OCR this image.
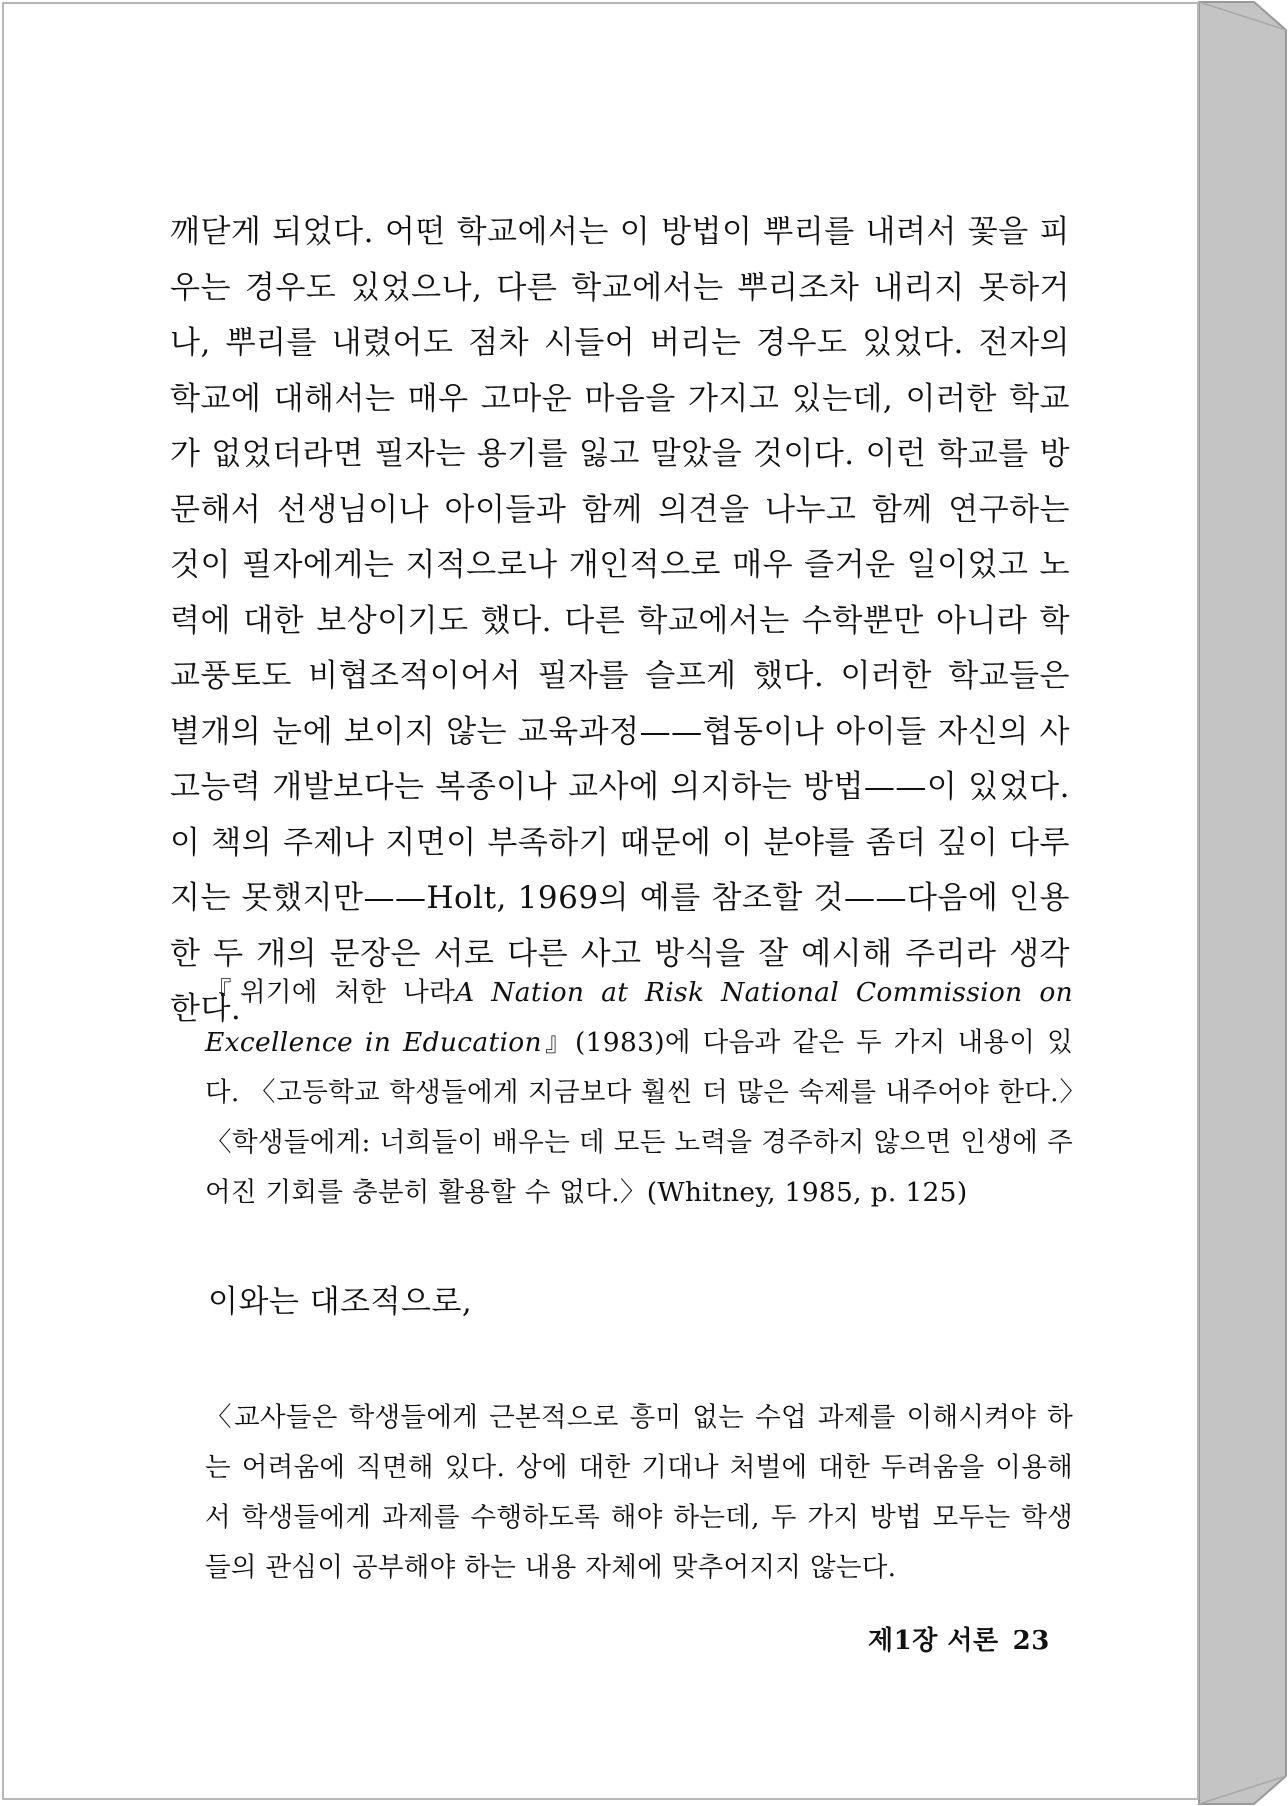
깨닫게 되었다. 어떤 학교에서는 이 방법이 뿌리를 내려서 꽃을 피우는 경우도 있었으나, 다른 학교에서는 뿌리조차 내리지 못하거나, 뿌리를 내렸어도 점차 시들어 버리는 경우도 있었다. 전자의 학교에 대해서는 매우 고마운 마음을 가지고 있는데, 이러한 학교가 없었더라면 필자는 용기를 잃고 말았을 것이다. 이런 학교를 방문해서 선생님이나 아이들과 함께 의견을 나누고 함께 연구하는 것이 필자에게는 지적으로나 개인적으로 매우 즐거운 일이었고 노력에 대한 보상이기도 했다. 다른 학교에서는 수학뿐만 아니라 학교풍토도 비협조적이어서 필자를 슬프게 했다. 이러한 학교들은 별개의 눈에 보이지 않는 교육과정——협동이나 아이들 자신의 사고능력 개발보다는 복종이나 교사에 의지하는 방법——이 있었다. 이 책의 주제나 지면이 부족하기 때문에 이 분야를 좀더 깊이 다루지는 못했지만——Holt, 1969의 예를 참조할 것——다음에 인용한 두 개의 문장은 서로 다른 사고 방식을 잘 예시해 주리라 생각한다.

『위기에 처한 나라A Nation at Risk National Commission on Excellence in Education』(1983)에 다음과 같은 두 가지 내용이 있다. 〈고등학교 학생들에게 지금보다 훨씬 더 많은 숙제를 내주어야 한다.〉〈학생들에게: 너희들이 배우는 데 모든 노력을 경주하지 않으면 인생에 주어진 기회를 충분히 활용할 수 없다.〉(Whitney, 1985, p. 125)

이와는 대조적으로,

〈교사들은 학생들에게 근본적으로 흥미 없는 수업 과제를 이해시켜야 하는 어려움에 직면해 있다. 상에 대한 기대나 처벌에 대한 두려움을 이용해서 학생들에게 과제를 수행하도록 해야 하는데, 두 가지 방법 모두는 학생들의 관심이 공부해야 하는 내용 자체에 맞추어지지 않는다.

제1장 서론 23
